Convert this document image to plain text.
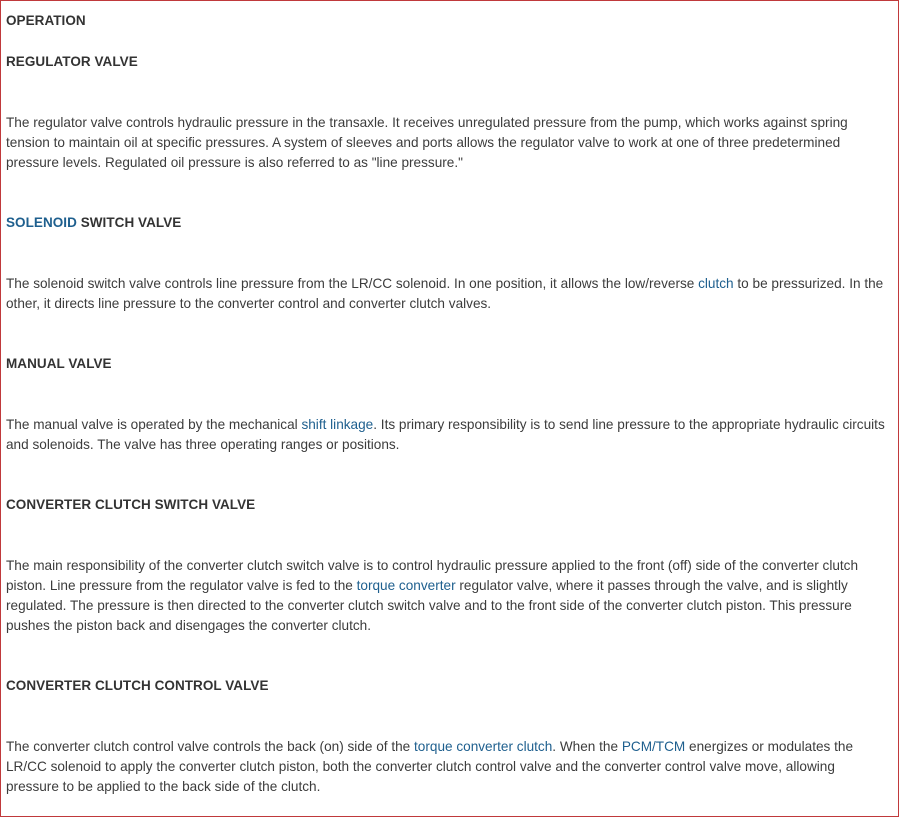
OPERATION
REGULATOR VALVE
The regulator valve controls hydraulic pressure in the transaxle. It receives unregulated pressure from the pump, which works against spring tension to maintain oil at specific pressures. A system of sleeves and ports allows the regulator valve to work at one of three predetermined pressure levels. Regulated oil pressure is also referred to as "line pressure."
SOLENOID SWITCH VALVE
The solenoid switch valve controls line pressure from the LR/CC solenoid. In one position, it allows the low/reverse clutch to be pressurized. In the other, it directs line pressure to the converter control and converter clutch valves.
MANUAL VALVE
The manual valve is operated by the mechanical shift linkage. Its primary responsibility is to send line pressure to the appropriate hydraulic circuits and solenoids. The valve has three operating ranges or positions.
CONVERTER CLUTCH SWITCH VALVE
The main responsibility of the converter clutch switch valve is to control hydraulic pressure applied to the front (off) side of the converter clutch piston. Line pressure from the regulator valve is fed to the torque converter regulator valve, where it passes through the valve, and is slightly regulated. The pressure is then directed to the converter clutch switch valve and to the front side of the converter clutch piston. This pressure pushes the piston back and disengages the converter clutch.
CONVERTER CLUTCH CONTROL VALVE
The converter clutch control valve controls the back (on) side of the torque converter clutch. When the PCM/TCM energizes or modulates the LR/CC solenoid to apply the converter clutch piston, both the converter clutch control valve and the converter control valve move, allowing pressure to be applied to the back side of the clutch.
